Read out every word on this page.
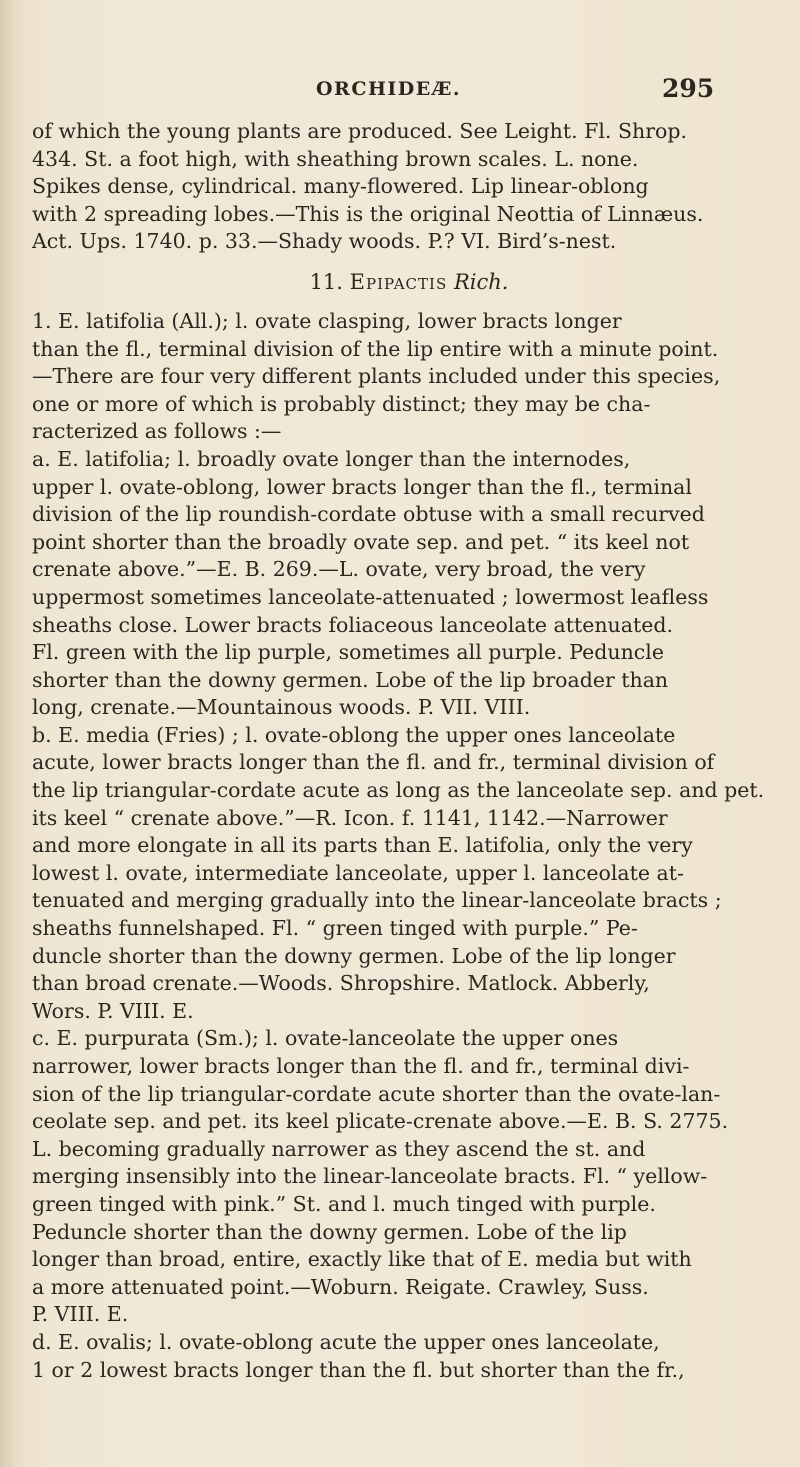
ORCHIDEÆ.	295
of which the young plants are produced. See Leight. Fl. Shrop.
434. St. a foot high, with sheathing brown scales. L. none.
Spikes dense, cylindrical. many-flowered. Lip linear-oblong
with 2 spreading lobes.—This is the original Neottia of Linnæus.
Act. Ups. 1740. p. 33.—Shady woods. P.? VI. Bird’s-nest.
11. Epipactis Rich.
1. E. latifolia (All.); l. ovate clasping, lower bracts longer
than the fl., terminal division of the lip entire with a minute point.
—There are four very different plants included under this species,
one or more of which is probably distinct; they may be cha-
racterized as follows :—
a. E. latifolia; l. broadly ovate longer than the internodes,
upper l. ovate-oblong, lower bracts longer than the fl., terminal
division of the lip roundish-cordate obtuse with a small recurved
point shorter than the broadly ovate sep. and pet. “ its keel not
crenate above.”—E. B. 269.—L. ovate, very broad, the very
uppermost sometimes lanceolate-attenuated ; lowermost leafless
sheaths close. Lower bracts foliaceous lanceolate attenuated.
Fl. green with the lip purple, sometimes all purple. Peduncle
shorter than the downy germen. Lobe of the lip broader than
long, crenate.—Mountainous woods. P. VII. VIII.
b. E. media (Fries) ; l. ovate-oblong the upper ones lanceolate
acute, lower bracts longer than the fl. and fr., terminal division of
the lip triangular-cordate acute as long as the lanceolate sep. and pet.
its keel “ crenate above.”—R. Icon. f. 1141, 1142.—Narrower
and more elongate in all its parts than E. latifolia, only the very
lowest l. ovate, intermediate lanceolate, upper l. lanceolate at-
tenuated and merging gradually into the linear-lanceolate bracts ;
sheaths funnelshaped. Fl. “ green tinged with purple.” Pe-
duncle shorter than the downy germen. Lobe of the lip longer
than broad crenate.—Woods. Shropshire. Matlock. Abberly,
Wors. P. VIII. E.
c. E. purpurata (Sm.); l. ovate-lanceolate the upper ones
narrower, lower bracts longer than the fl. and fr., terminal divi-
sion of the lip triangular-cordate acute shorter than the ovate-lan-
ceolate sep. and pet. its keel plicate-crenate above.—E. B. S. 2775.
L. becoming gradually narrower as they ascend the st. and
merging insensibly into the linear-lanceolate bracts. Fl. “ yellow-
green tinged with pink.” St. and l. much tinged with purple.
Peduncle shorter than the downy germen. Lobe of the lip
longer than broad, entire, exactly like that of E. media but with
a more attenuated point.—Woburn. Reigate. Crawley, Suss.
P. VIII. E.
d. E. ovalis; l. ovate-oblong acute the upper ones lanceolate,
1 or 2 lowest bracts longer than the fl. but shorter than the fr.,
